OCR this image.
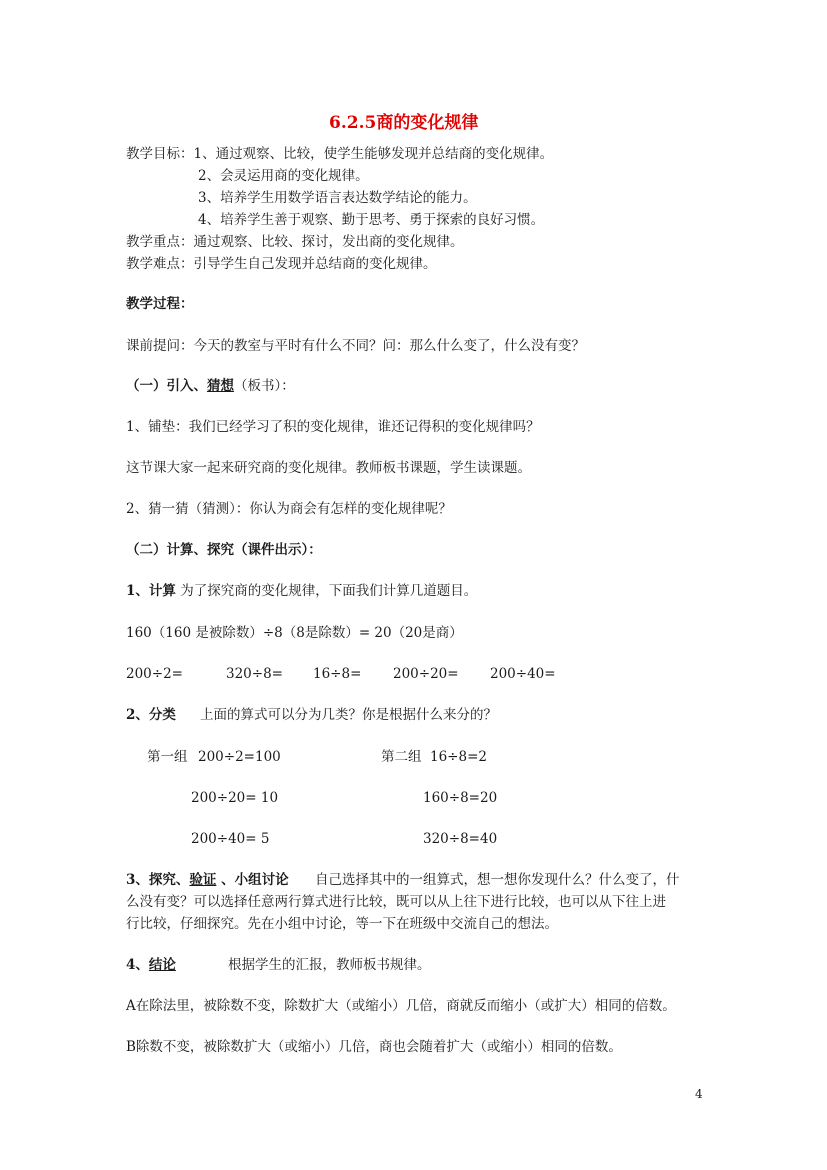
6.2.5商的变化规律
教学目标：1、通过观察、比较，使学生能够发现并总结商的变化规律。
2、会灵运用商的变化规律。
3、培养学生用数学语言表达数学结论的能力。
4、培养学生善于观察、勤于思考、勇于探索的良好习惯。
教学重点：通过观察、比较、探讨，发出商的变化规律。
教学难点：引导学生自己发现并总结商的变化规律。
教学过程：
课前提问：今天的教室与平时有什么不同？问：那么什么变了，什么没有变？
（一）引入、猜想（板书）：
1、铺垫：我们已经学习了积的变化规律，谁还记得积的变化规律吗？
这节课大家一起来研究商的变化规律。教师板书课题，学生读课题。
2、猜一猜（猜测）：你认为商会有怎样的变化规律呢？
（二）计算、探究（课件出示）：
1、计算 为了探究商的变化规律，下面我们计算几道题目。
160（160 是被除数）÷8（8是除数）= 20（20是商）
200÷2=	320÷8= 16÷8= 200÷20= 200÷40=
2、分类 上面的算式可以分为几类？你是根据什么来分的？
第一组 200÷2=100
200÷20= 10
200÷40= 5
第二组 16÷8=2
160÷8=20
320÷8=40
3、探究、验证 、小组讨论 自己选择其中的一组算式，想一想你发现什么？什么变了，什
么没有变？可以选择任意两行算式进行比较，既可以从上往下进行比较，也可以从下往上进
行比较，仔细探究。先在小组中讨论，等一下在班级中交流自己的想法。
4、结论	根据学生的汇报，教师板书规律。
A在除法里，被除数不变，除数扩大（或缩小）几倍，商就反而缩小（或扩大）相同的倍数。
B除数不变，被除数扩大（或缩小）几倍，商也会随着扩大（或缩小）相同的倍数。
4
